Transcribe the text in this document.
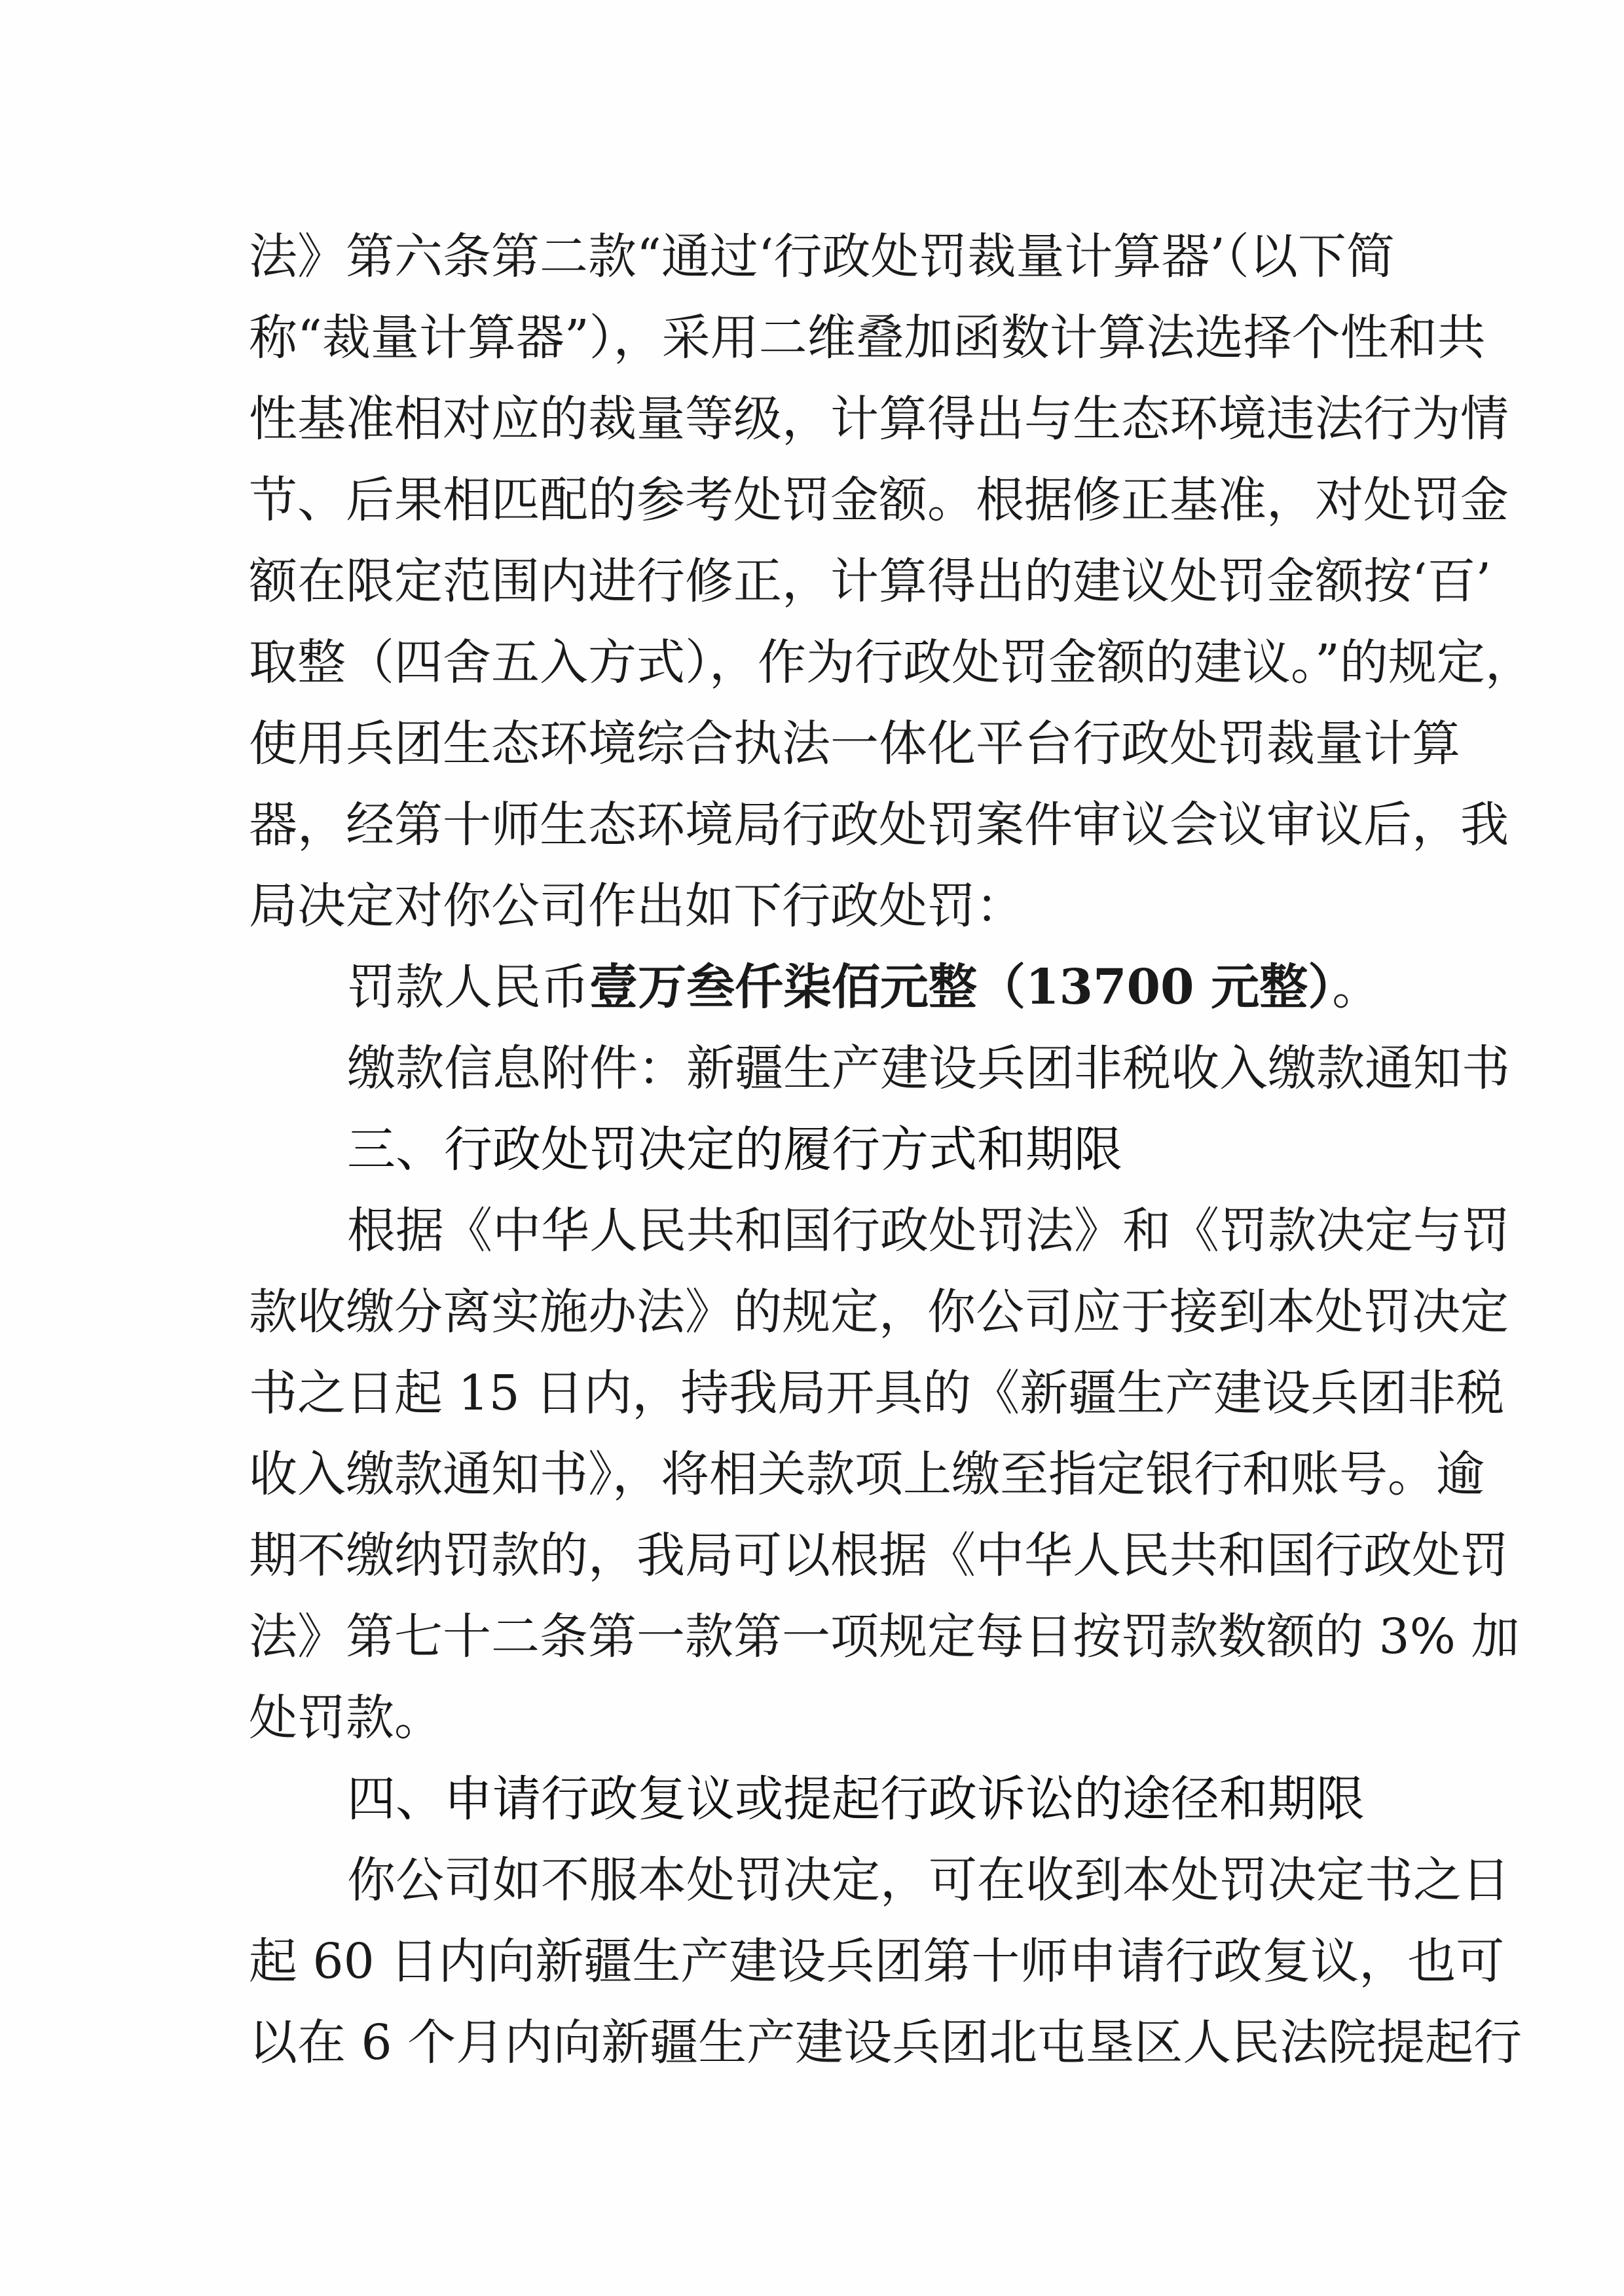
法》第六条第二款“通过‘行政处罚裁量计算器’（以下简
称“裁量计算器”），采用二维叠加函数计算法选择个性和共
性基准相对应的裁量等级，计算得出与生态环境违法行为情
节、后果相匹配的参考处罚金额。根据修正基准，对处罚金
额在限定范围内进行修正，计算得出的建议处罚金额按‘百’
取整（四舍五入方式），作为行政处罚金额的建议。”的规定，
使用兵团生态环境综合执法一体化平台行政处罚裁量计算
器，经第十师生态环境局行政处罚案件审议会议审议后，我
局决定对你公司作出如下行政处罚：
罚款人民币壹万叁仟柒佰元整（13700 元整）。
缴款信息附件：新疆生产建设兵团非税收入缴款通知书
三、行政处罚决定的履行方式和期限
根据《中华人民共和国行政处罚法》和《罚款决定与罚
款收缴分离实施办法》的规定，你公司应于接到本处罚决定
书之日起 15 日内，持我局开具的《新疆生产建设兵团非税
收入缴款通知书》，将相关款项上缴至指定银行和账号。逾
期不缴纳罚款的，我局可以根据《中华人民共和国行政处罚
法》第七十二条第一款第一项规定每日按罚款数额的 3% 加
处罚款。
四、申请行政复议或提起行政诉讼的途径和期限
你公司如不服本处罚决定，可在收到本处罚决定书之日
起 60 日内向新疆生产建设兵团第十师申请行政复议，也可
以在 6 个月内向新疆生产建设兵团北屯垦区人民法院提起行
